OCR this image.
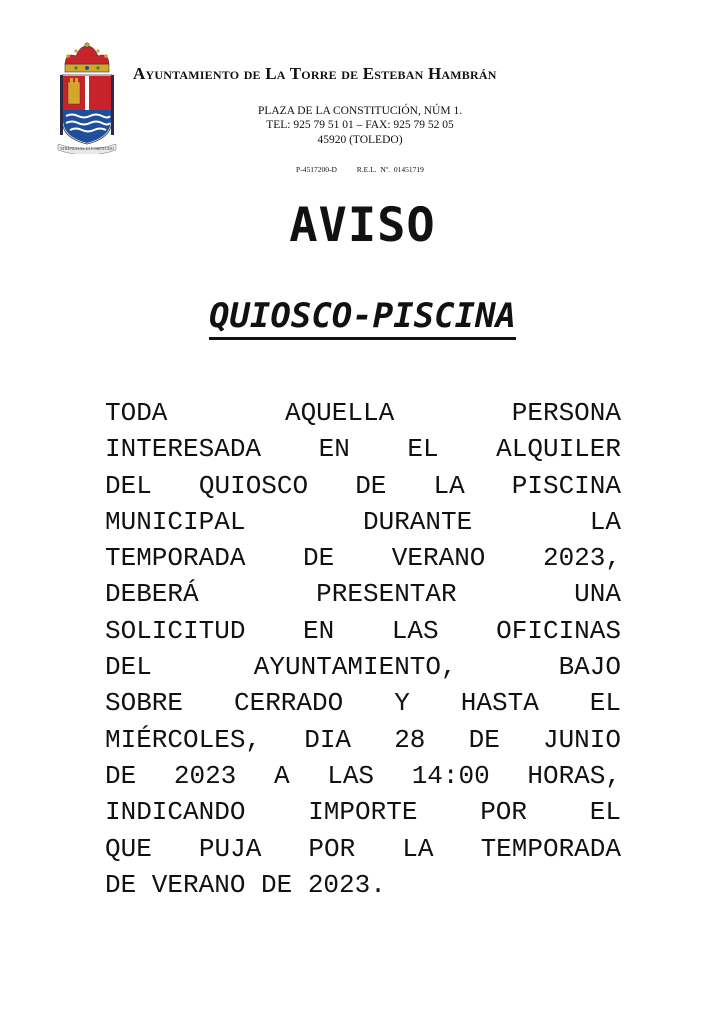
STRENUITAS ET FORTITUDO
Ayuntamiento de La Torre de Esteban Hambrán
PLAZA DE LA CONSTITUCIÓN, NÚM 1.
TEL: 925 79 51 01 – FAX: 925 79 52 05
45920 (TOLEDO)
P-4517200-D	R.E.L. Nº. 01451719
AVISO
QUIOSCO-PISCINA
TODA AQUELLA PERSONA
INTERESADA EN EL ALQUILER
DEL QUIOSCO DE LA PISCINA
MUNICIPAL DURANTE LA
TEMPORADA DE VERANO 2023,
DEBERÁ PRESENTAR UNA
SOLICITUD EN LAS OFICINAS
DEL AYUNTAMIENTO, BAJO
SOBRE CERRADO Y HASTA EL
MIÉRCOLES, DIA 28 DE JUNIO
DE 2023 A LAS 14:00 HORAS,
INDICANDO IMPORTE POR EL
QUE PUJA POR LA TEMPORADA
DE VERANO DE 2023.
